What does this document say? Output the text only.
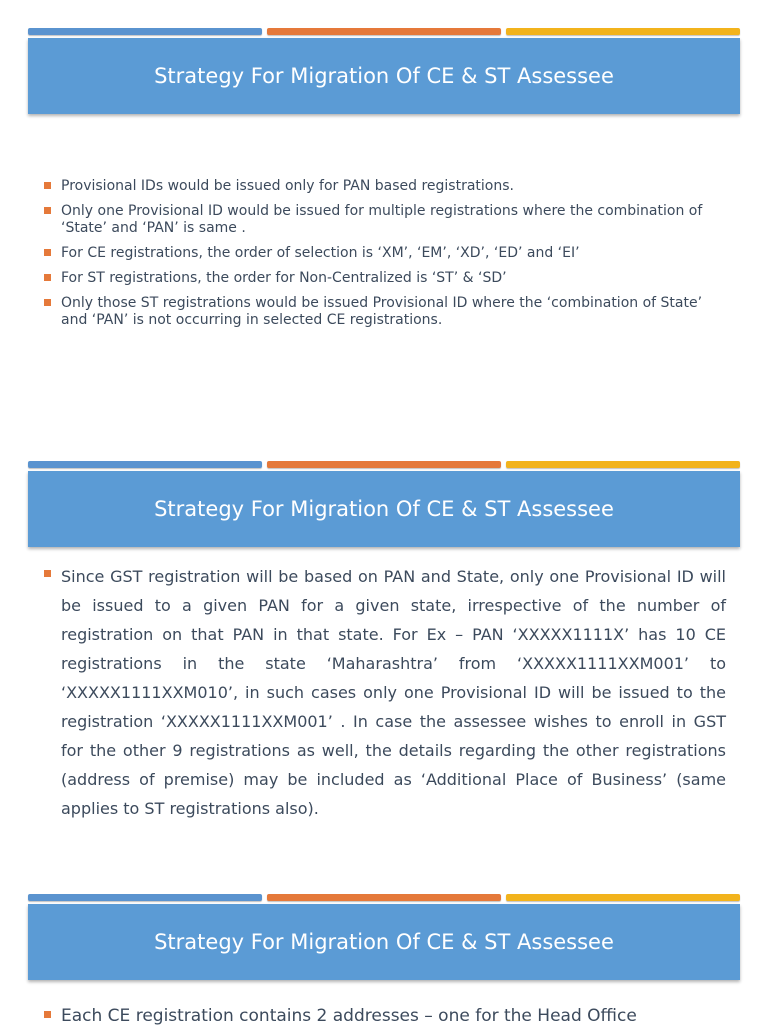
Strategy For Migration Of CE & ST Assessee
Provisional IDs would be issued only for PAN based registrations.
Only one Provisional ID would be issued for multiple registrations where the combination of ‘State’ and ‘PAN’ is same .
For CE registrations, the order of selection is ‘XM’, ‘EM’, ‘XD’, ‘ED’ and ‘EI’
For ST registrations, the order for Non-Centralized is ‘ST’ & ‘SD’
Only those ST registrations would be issued Provisional ID where the ‘combination of State’ and ‘PAN’ is not occurring in selected CE registrations.
Strategy For Migration Of CE & ST Assessee
Since GST registration will be based on PAN and State, only one Provisional ID will be issued to a given PAN for a given state, irrespective of the number of registration on that PAN in that state. For Ex – PAN ‘XXXXX1111X’ has 10 CE registrations in the state ‘Maharashtra’ from ‘XXXXX1111XXM001’ to ‘XXXXX1111XXM010’, in such cases only one Provisional ID will be issued to the registration ‘XXXXX1111XXM001’ . In case the assessee wishes to enroll in GST for the other 9 registrations as well, the details regarding the other registrations (address of premise) may be included as ‘Additional Place of Business’ (same applies to ST registrations also).
Strategy For Migration Of CE & ST Assessee
Each CE registration contains 2 addresses – one for the Head Office
